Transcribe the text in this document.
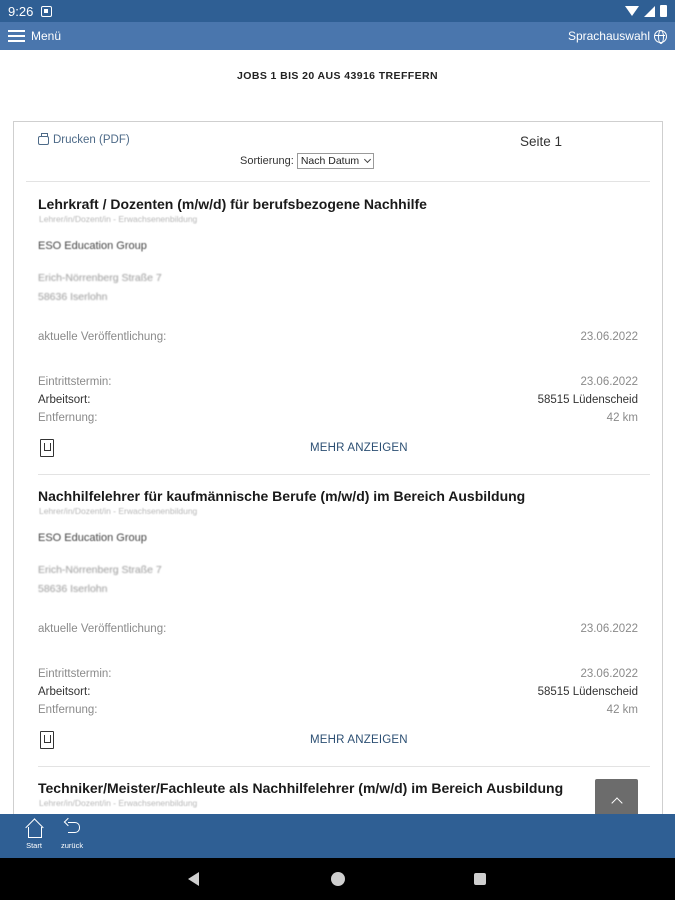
9:26
Menü	Sprachauswahl
JOBS 1 BIS 20 AUS 43916 TREFFERN
Drucken (PDF)	Seite 1
Sortierung: Nach Datum
Lehrkraft / Dozenten (m/w/d) für berufsbezogene Nachhilfe
Lehrer/in/Dozent/in - Erwachsenenbildung
ESO Education Group
Erich-Nörrenberg Straße 7
58636 Iserlohn
aktuelle Veröffentlichung:	23.06.2022
Eintrittstermin:	23.06.2022
Arbeitsort:	58515 Lüdenscheid
Entfernung:	42 km
MEHR ANZEIGEN
Nachhilfelehrer für kaufmännische Berufe (m/w/d) im Bereich Ausbildung
Lehrer/in/Dozent/in - Erwachsenenbildung
ESO Education Group
Erich-Nörrenberg Straße 7
58636 Iserlohn
aktuelle Veröffentlichung:	23.06.2022
Eintrittstermin:	23.06.2022
Arbeitsort:	58515 Lüdenscheid
Entfernung:	42 km
MEHR ANZEIGEN
Techniker/Meister/Fachleute als Nachhilfelehrer (m/w/d) im Bereich Ausbildung
Lehrer/in/Dozent/in - Erwachsenenbildung
Start	zurück
